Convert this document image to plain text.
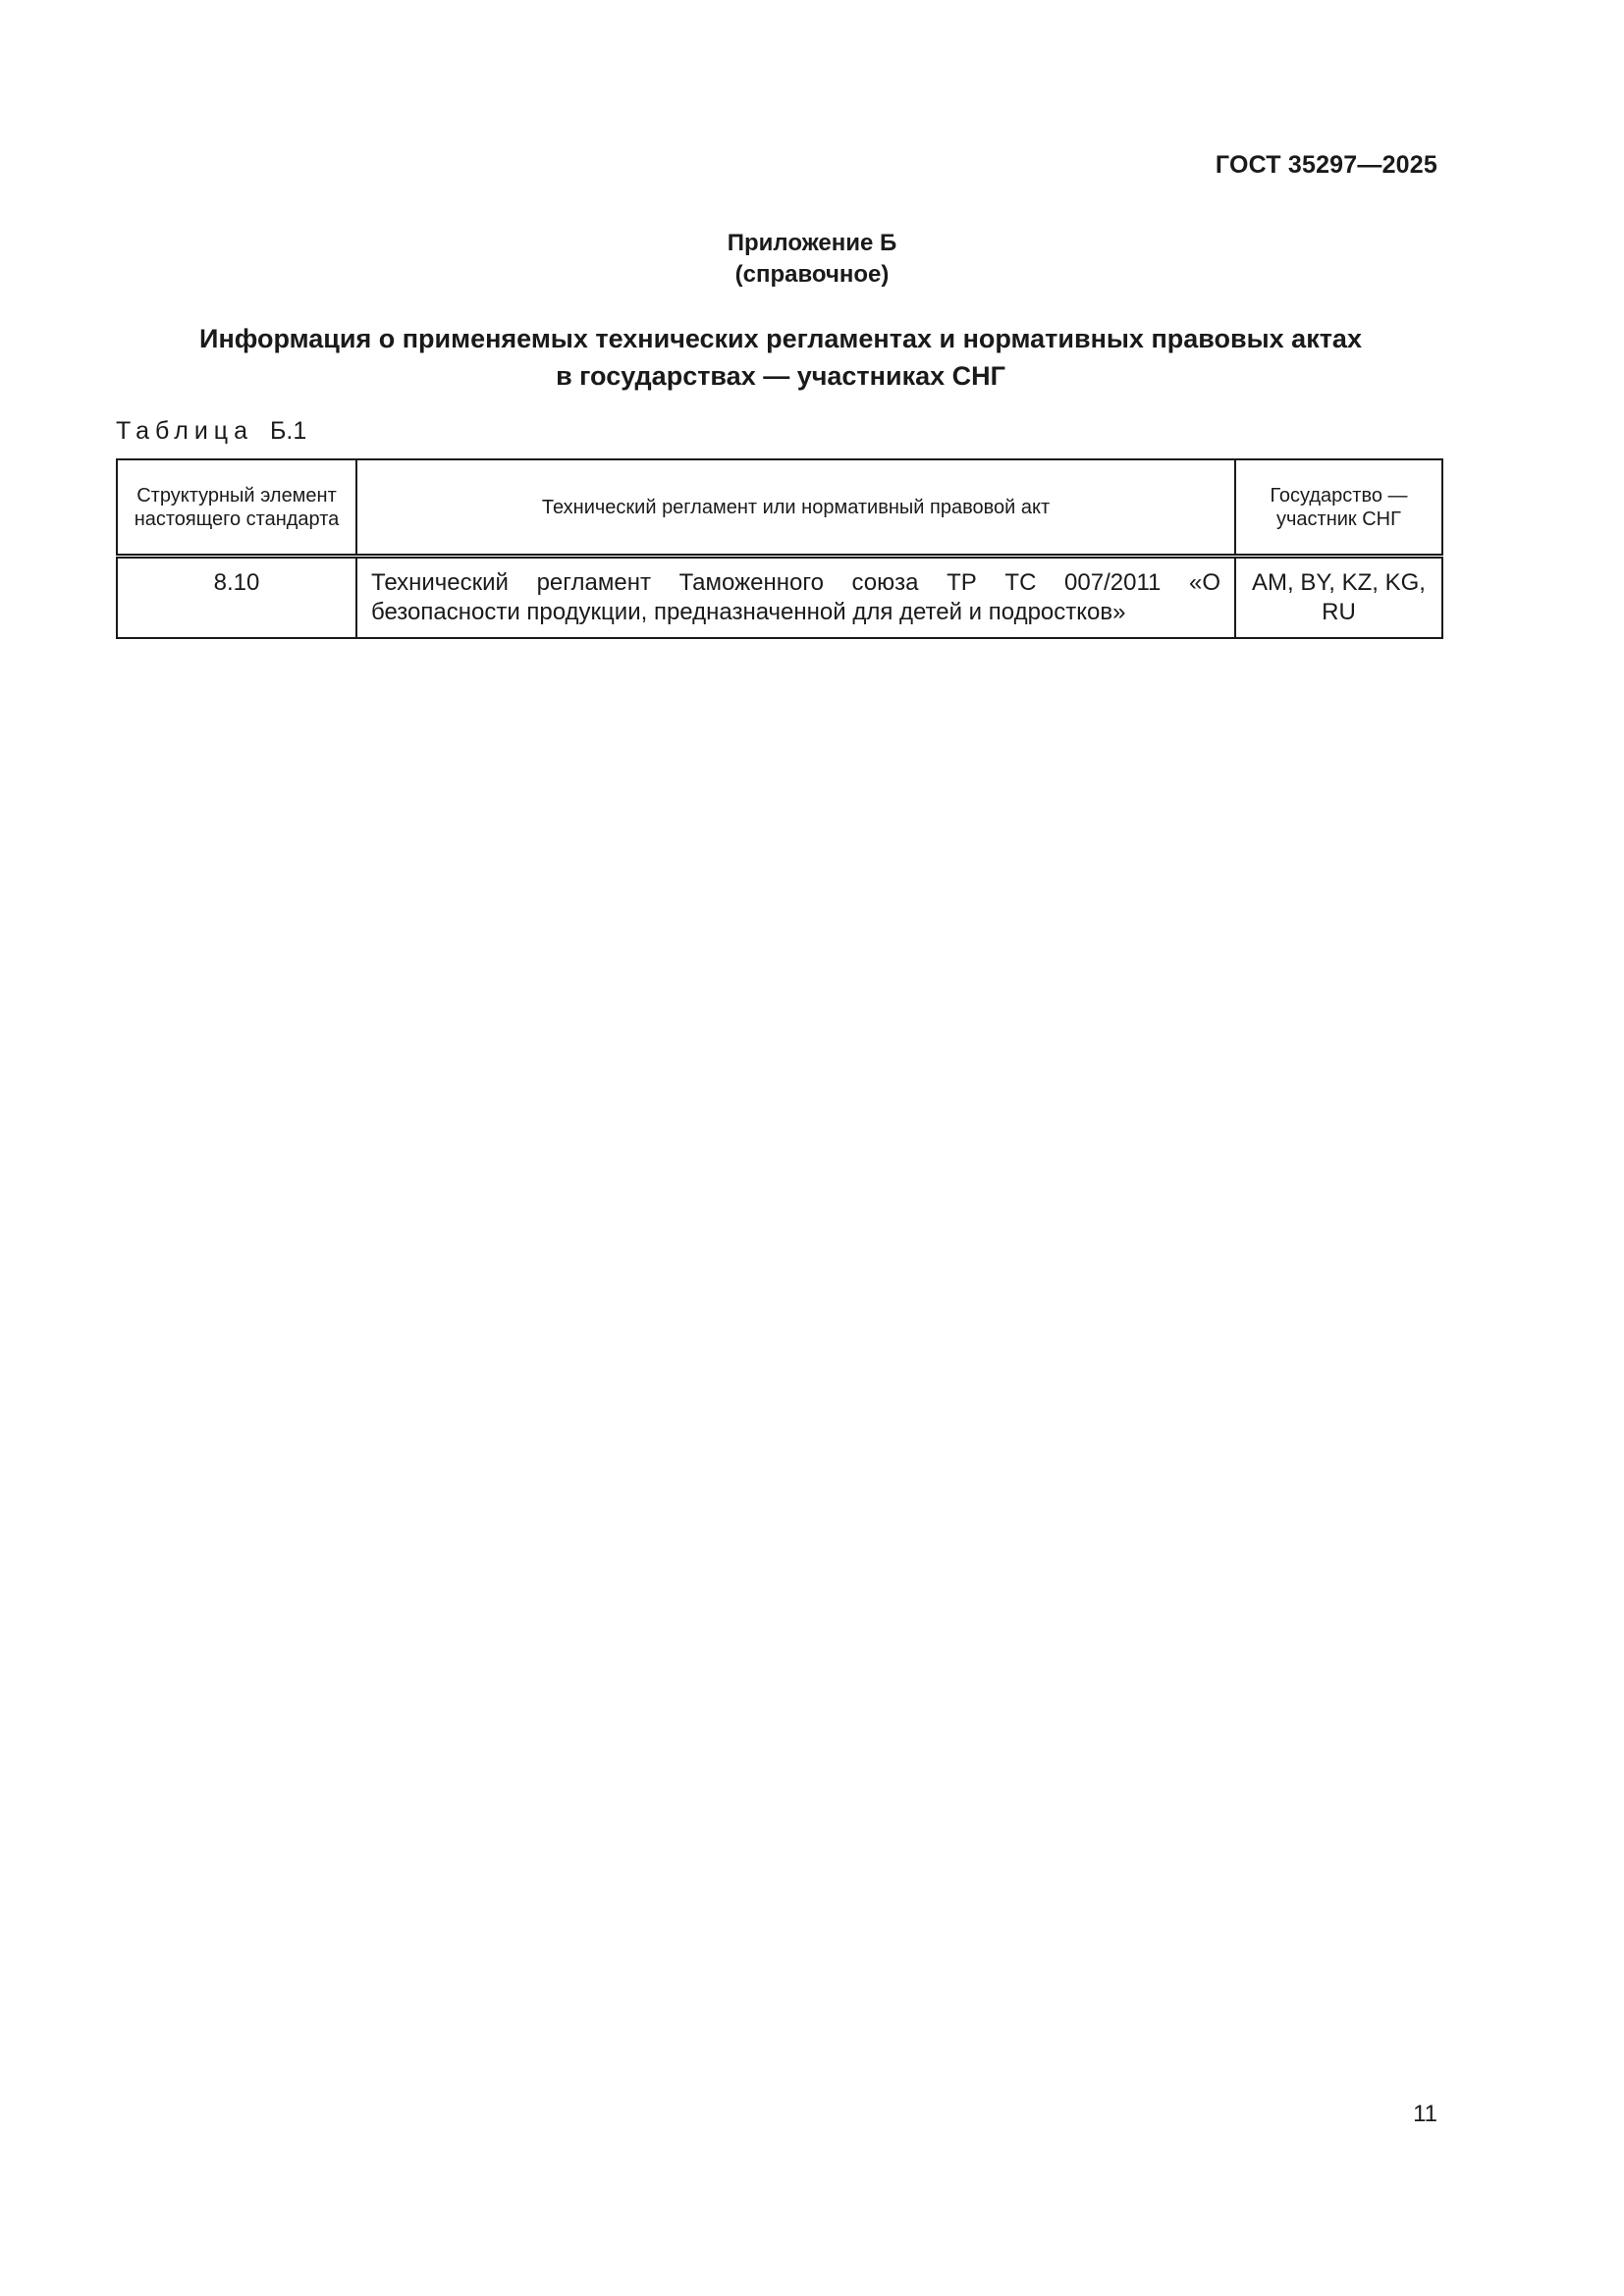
ГОСТ 35297—2025
Приложение Б
(справочное)
Информация о применяемых технических регламентах и нормативных правовых актах
в государствах — участниках СНГ
Таблица Б.1
Структурный элемент настоящего стандарта	Технический регламент или нормативный правовой акт	Государство — участник СНГ
8.10	Технический регламент Таможенного союза ТР ТС 007/2011 «О безопасности продукции, предназначенной для детей и подростков»	AM, BY, KZ, KG, RU
11
